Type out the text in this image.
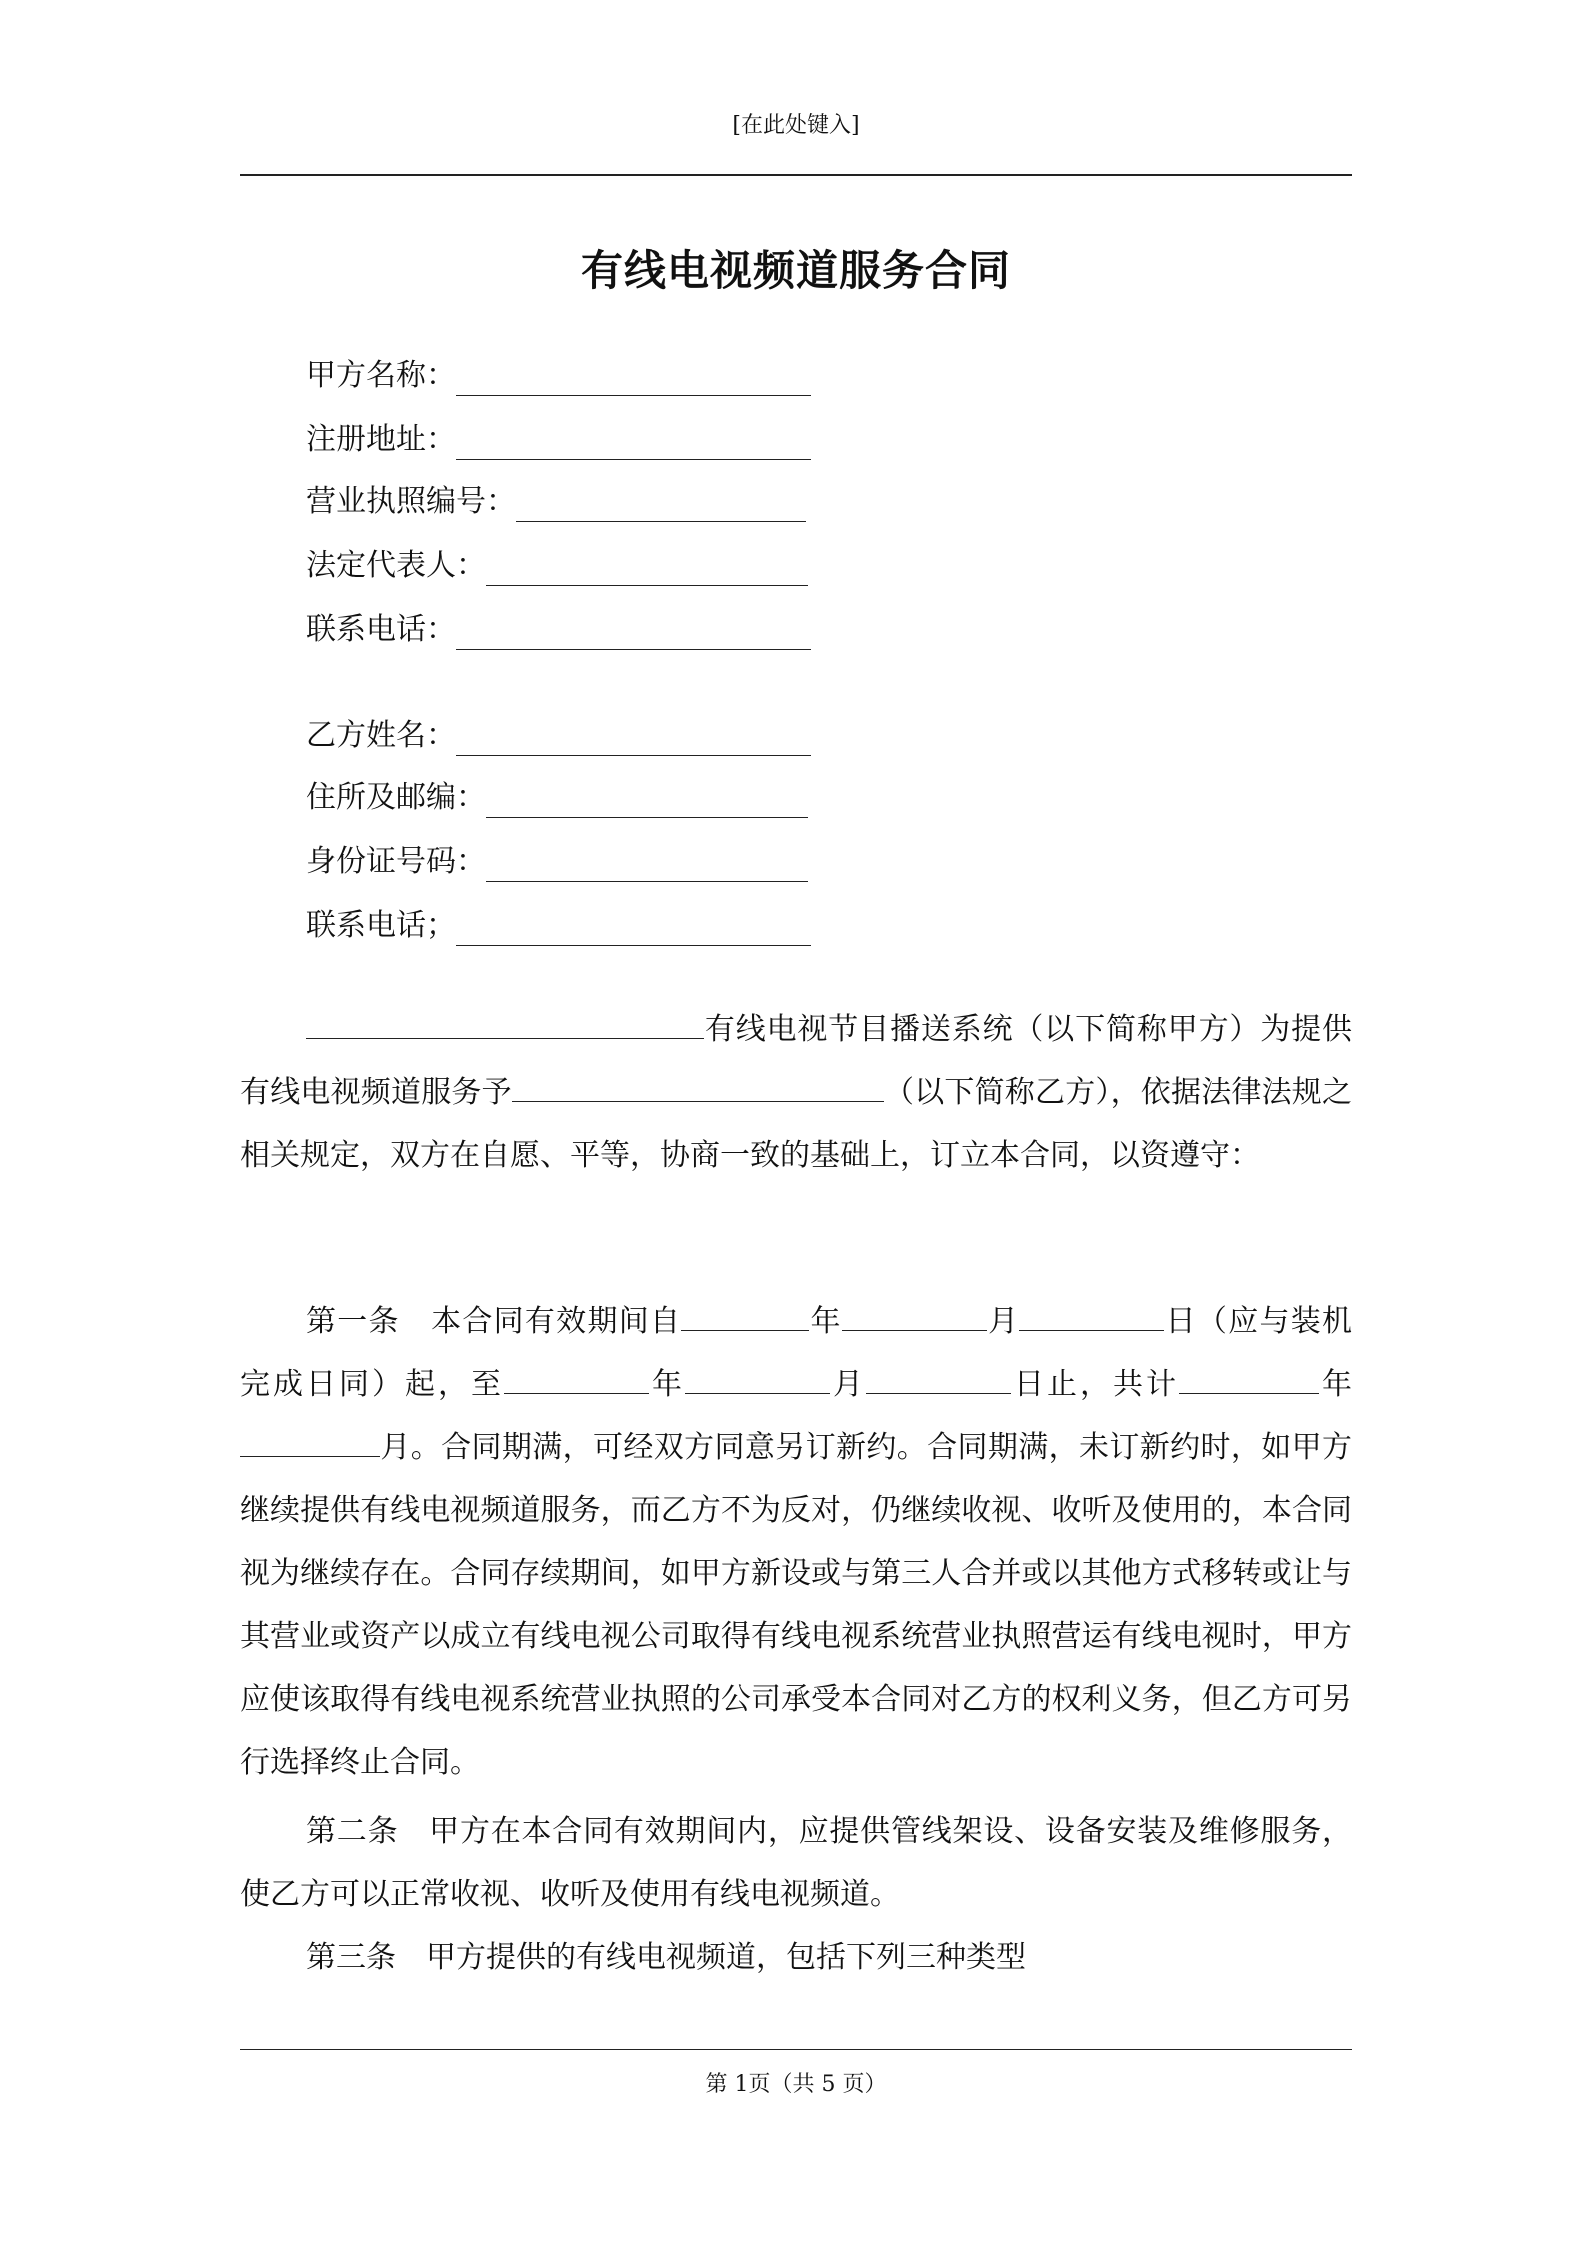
[在此处键入]
有线电视频道服务合同
甲方名称：
注册地址：
营业执照编号：
法定代表人：
联系电话：
乙方姓名：
住所及邮编：
身份证号码：
联系电话；

有线电视节目播送系统（以下简称甲方）为提供有线电视频道服务予	（以下简称乙方），依据法律法规之相关规定，双方在自愿、平等，协商一致的基础上，订立本合同，以资遵守：

第一条　本合同有效期间自	年	月	日（应与装机完成日同）起，至	年	月	日止，共计	年月。合同期满，可经双方同意另订新约。合同期满，未订新约时，如甲方继续提供有线电视频道服务，而乙方不为反对，仍继续收视、收听及使用的，本合同视为继续存在。合同存续期间，如甲方新设或与第三人合并或以其他方式移转或让与其营业或资产以成立有线电视公司取得有线电视系统营业执照营运有线电视时，甲方应使该取得有线电视系统营业执照的公司承受本合同对乙方的权利义务，但乙方可另行选择终止合同。

第二条　甲方在本合同有效期间内，应提供管线架设、设备安装及维修服务，使乙方可以正常收视、收听及使用有线电视频道。

第三条　甲方提供的有线电视频道，包括下列三种类型

第 1页（共 5 页）
